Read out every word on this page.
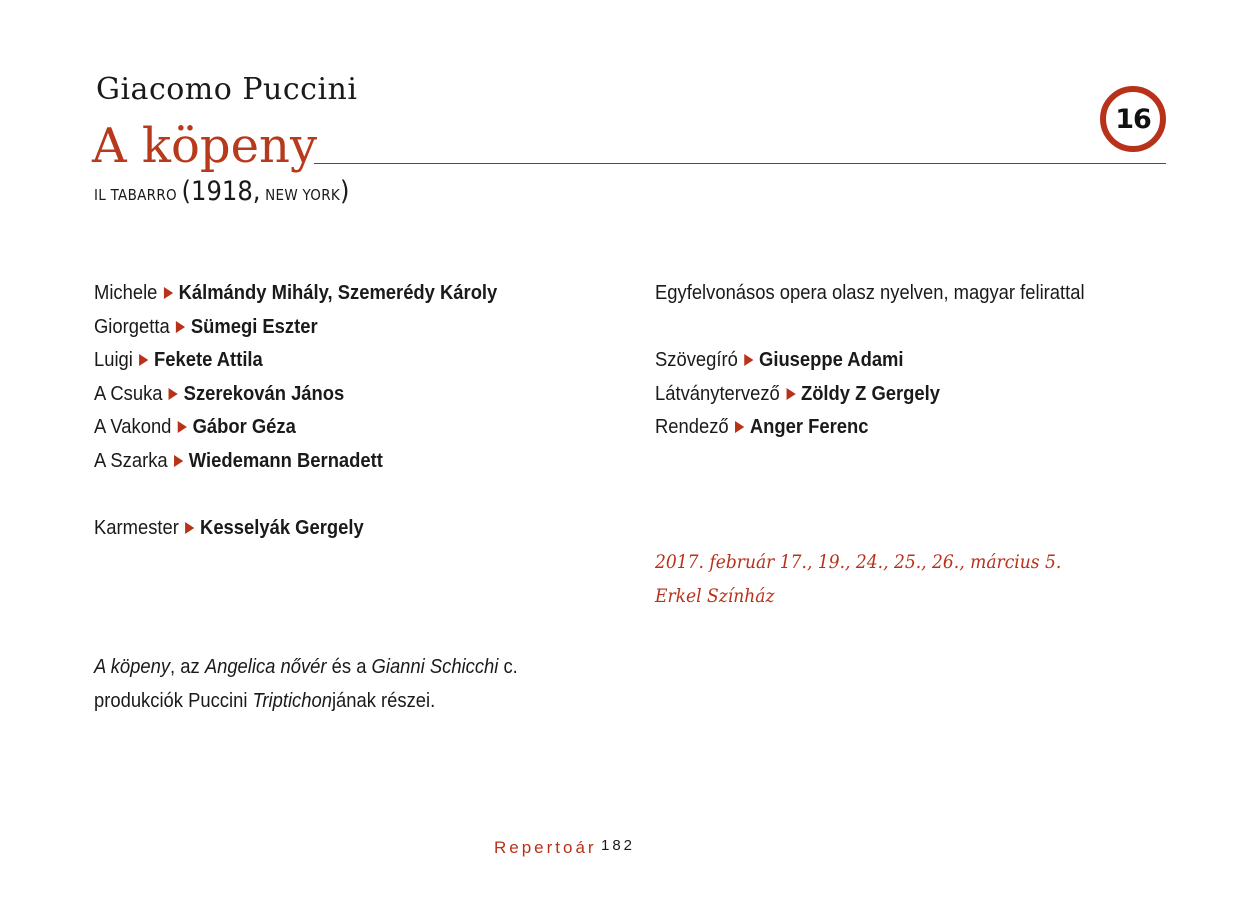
Giacomo Puccini
A köpeny
IL TABARRO (1918, NEW YORK)
16
Michele Kálmándy Mihály, Szemerédy Károly
Giorgetta Sümegi Eszter
Luigi Fekete Attila
A Csuka Szerekován János
A Vakond Gábor Géza
A Szarka Wiedemann Bernadett
Karmester Kesselyák Gergely
Egyfelvonásos opera olasz nyelven, magyar felirattal
Szövegíró Giuseppe Adami
Látványtervező Zöldy Z Gergely
Rendező Anger Ferenc
2017. február 17., 19., 24., 25., 26., március 5.
Erkel Színház
A köpeny, az Angelica nővér és a Gianni Schicchi c.
produkciók Puccini Triptichonjának részei.
Repertoár 182
